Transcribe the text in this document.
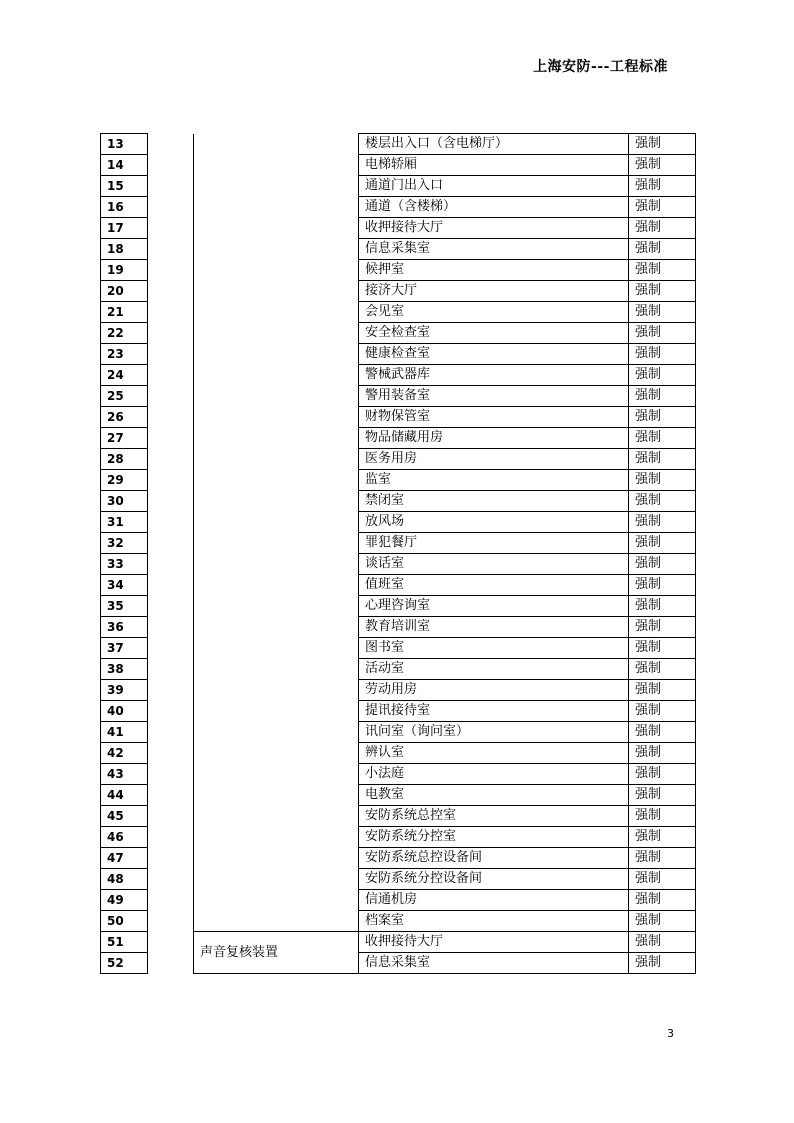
上海安防---工程标准
13			楼层出入口（含电梯厅）	强制
14			电梯轿厢	强制
15			通道门出入口	强制
16			通道（含楼梯）	强制
17			收押接待大厅	强制
18			信息采集室	强制
19			候押室	强制
20			接济大厅	强制
21			会见室	强制
22			安全检查室	强制
23			健康检查室	强制
24			警械武器库	强制
25			警用装备室	强制
26			财物保管室	强制
27			物品储藏用房	强制
28			医务用房	强制
29			监室	强制
30			禁闭室	强制
31			放风场	强制
32			罪犯餐厅	强制
33			谈话室	强制
34			值班室	强制
35			心理咨询室	强制
36			教育培训室	强制
37			图书室	强制
38			活动室	强制
39			劳动用房	强制
40			提讯接待室	强制
41			讯问室（询问室）	强制
42			辨认室	强制
43			小法庭	强制
44			电教室	强制
45			安防系统总控室	强制
46			安防系统分控室	强制
47			安防系统总控设备间	强制
48			安防系统分控设备间	强制
49			信通机房	强制
50			档案室	强制
51		声音复核装置	收押接待大厅	强制
52			信息采集室	强制
3
